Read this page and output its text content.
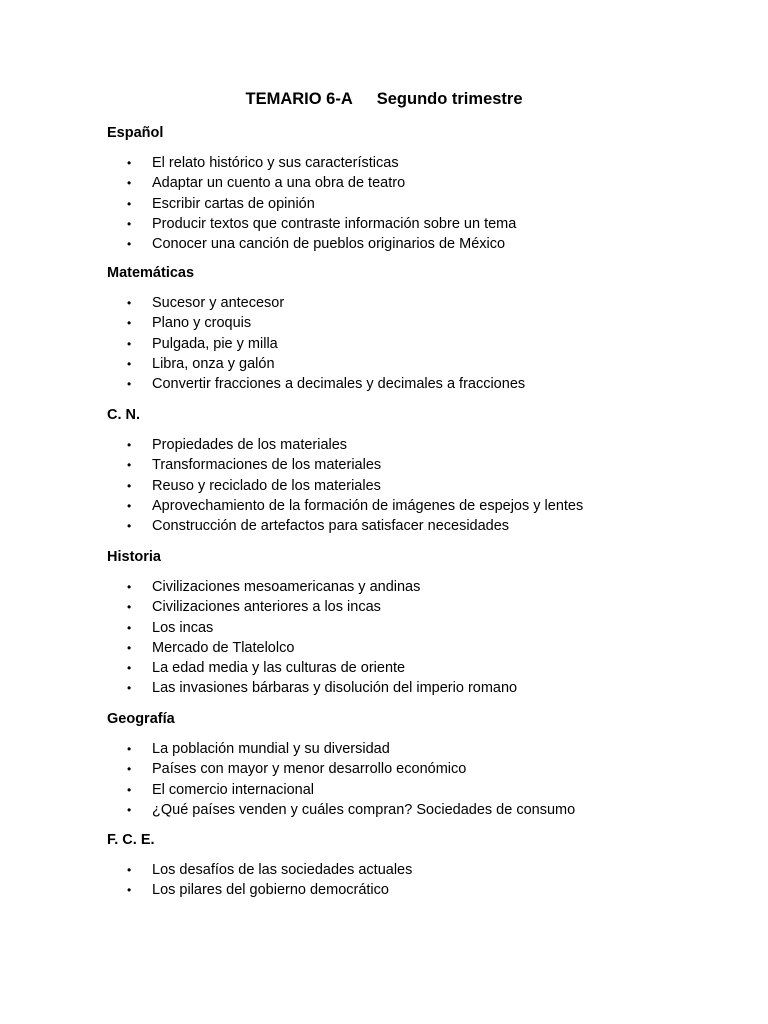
TEMARIO 6-A Segundo trimestre
Español
• El relato histórico y sus características
• Adaptar un cuento a una obra de teatro
• Escribir cartas de opinión
• Producir textos que contraste información sobre un tema
• Conocer una canción de pueblos originarios de México
Matemáticas
• Sucesor y antecesor
• Plano y croquis
• Pulgada, pie y milla
• Libra, onza y galón
• Convertir fracciones a decimales y decimales a fracciones
C. N.
• Propiedades de los materiales
• Transformaciones de los materiales
• Reuso y reciclado de los materiales
• Aprovechamiento de la formación de imágenes de espejos y lentes
• Construcción de artefactos para satisfacer necesidades
Historia
• Civilizaciones mesoamericanas y andinas
• Civilizaciones anteriores a los incas
• Los incas
• Mercado de Tlatelolco
• La edad media y las culturas de oriente
• Las invasiones bárbaras y disolución del imperio romano
Geografía
• La población mundial y su diversidad
• Países con mayor y menor desarrollo económico
• El comercio internacional
• ¿Qué países venden y cuáles compran? Sociedades de consumo
F. C. E.
• Los desafíos de las sociedades actuales
• Los pilares del gobierno democrático
